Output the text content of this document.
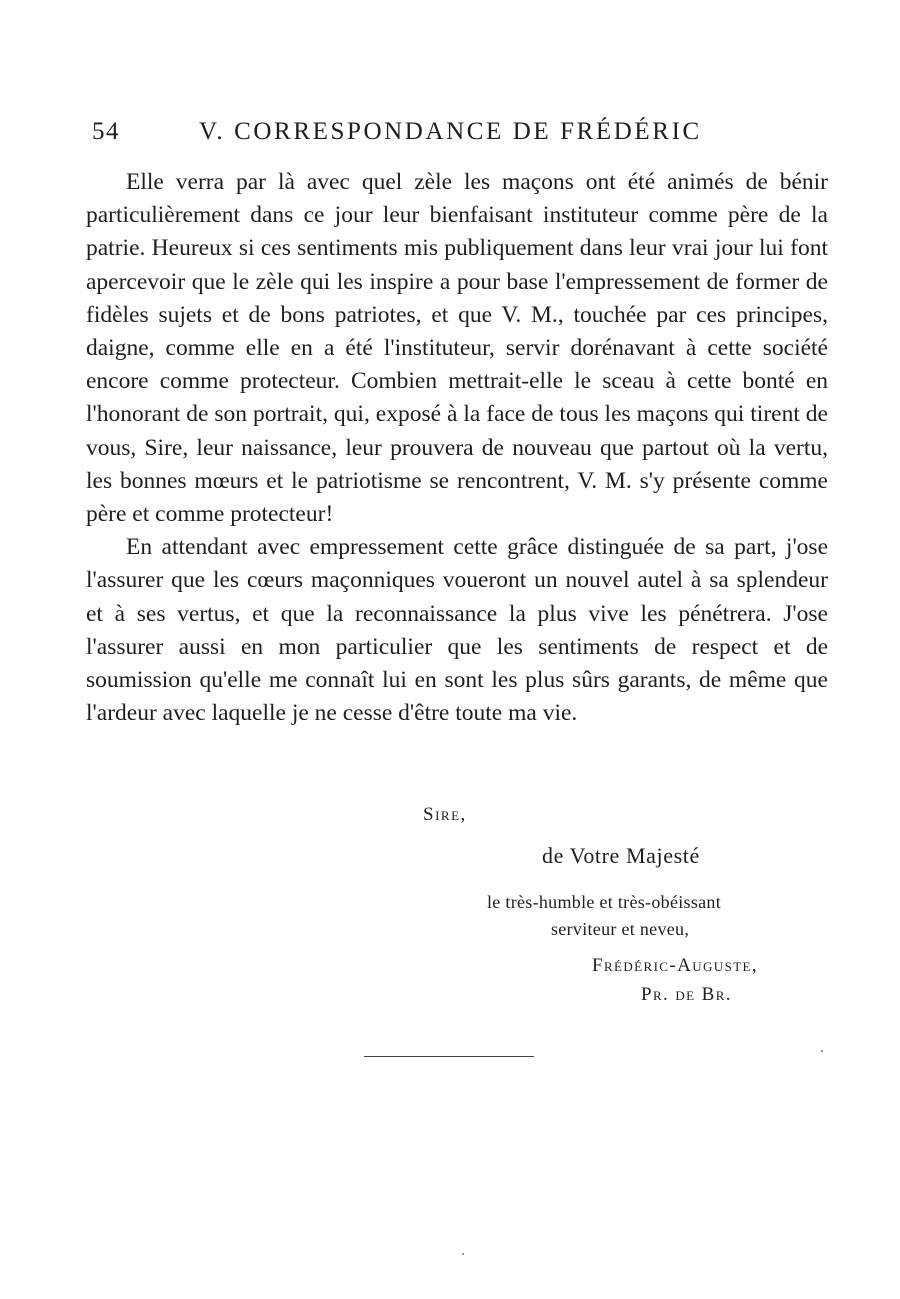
54	V. CORRESPONDANCE DE FRÉDÉRIC

Elle verra par là avec quel zèle les maçons ont été animés de bénir particulièrement dans ce jour leur bienfaisant instituteur comme père de la patrie. Heureux si ces sentiments mis publiquement dans leur vrai jour lui font apercevoir que le zèle qui les inspire a pour base l'empressement de former de fidèles sujets et de bons patriotes, et que V. M., touchée par ces principes, daigne, comme elle en a été l'instituteur, servir dorénavant à cette société encore comme protecteur. Combien mettrait-elle le sceau à cette bonté en l'honorant de son portrait, qui, exposé à la face de tous les maçons qui tirent de vous, Sire, leur naissance, leur prouvera de nouveau que partout où la vertu, les bonnes mœurs et le patriotisme se rencontrent, V. M. s'y présente comme père et comme protecteur!

En attendant avec empressement cette grâce distinguée de sa part, j'ose l'assurer que les cœurs maçonniques voueront un nouvel autel à sa splendeur et à ses vertus, et que la reconnaissance la plus vive les pénétrera. J'ose l'assurer aussi en mon particulier que les sentiments de respect et de soumission qu'elle me connaît lui en sont les plus sûrs garants, de même que l'ardeur avec laquelle je ne cesse d'être toute ma vie.

Sire,
de Votre Majesté
le très-humble et très-obéissant
serviteur et neveu,
Frédéric-Auguste,
Pr. de Br.
